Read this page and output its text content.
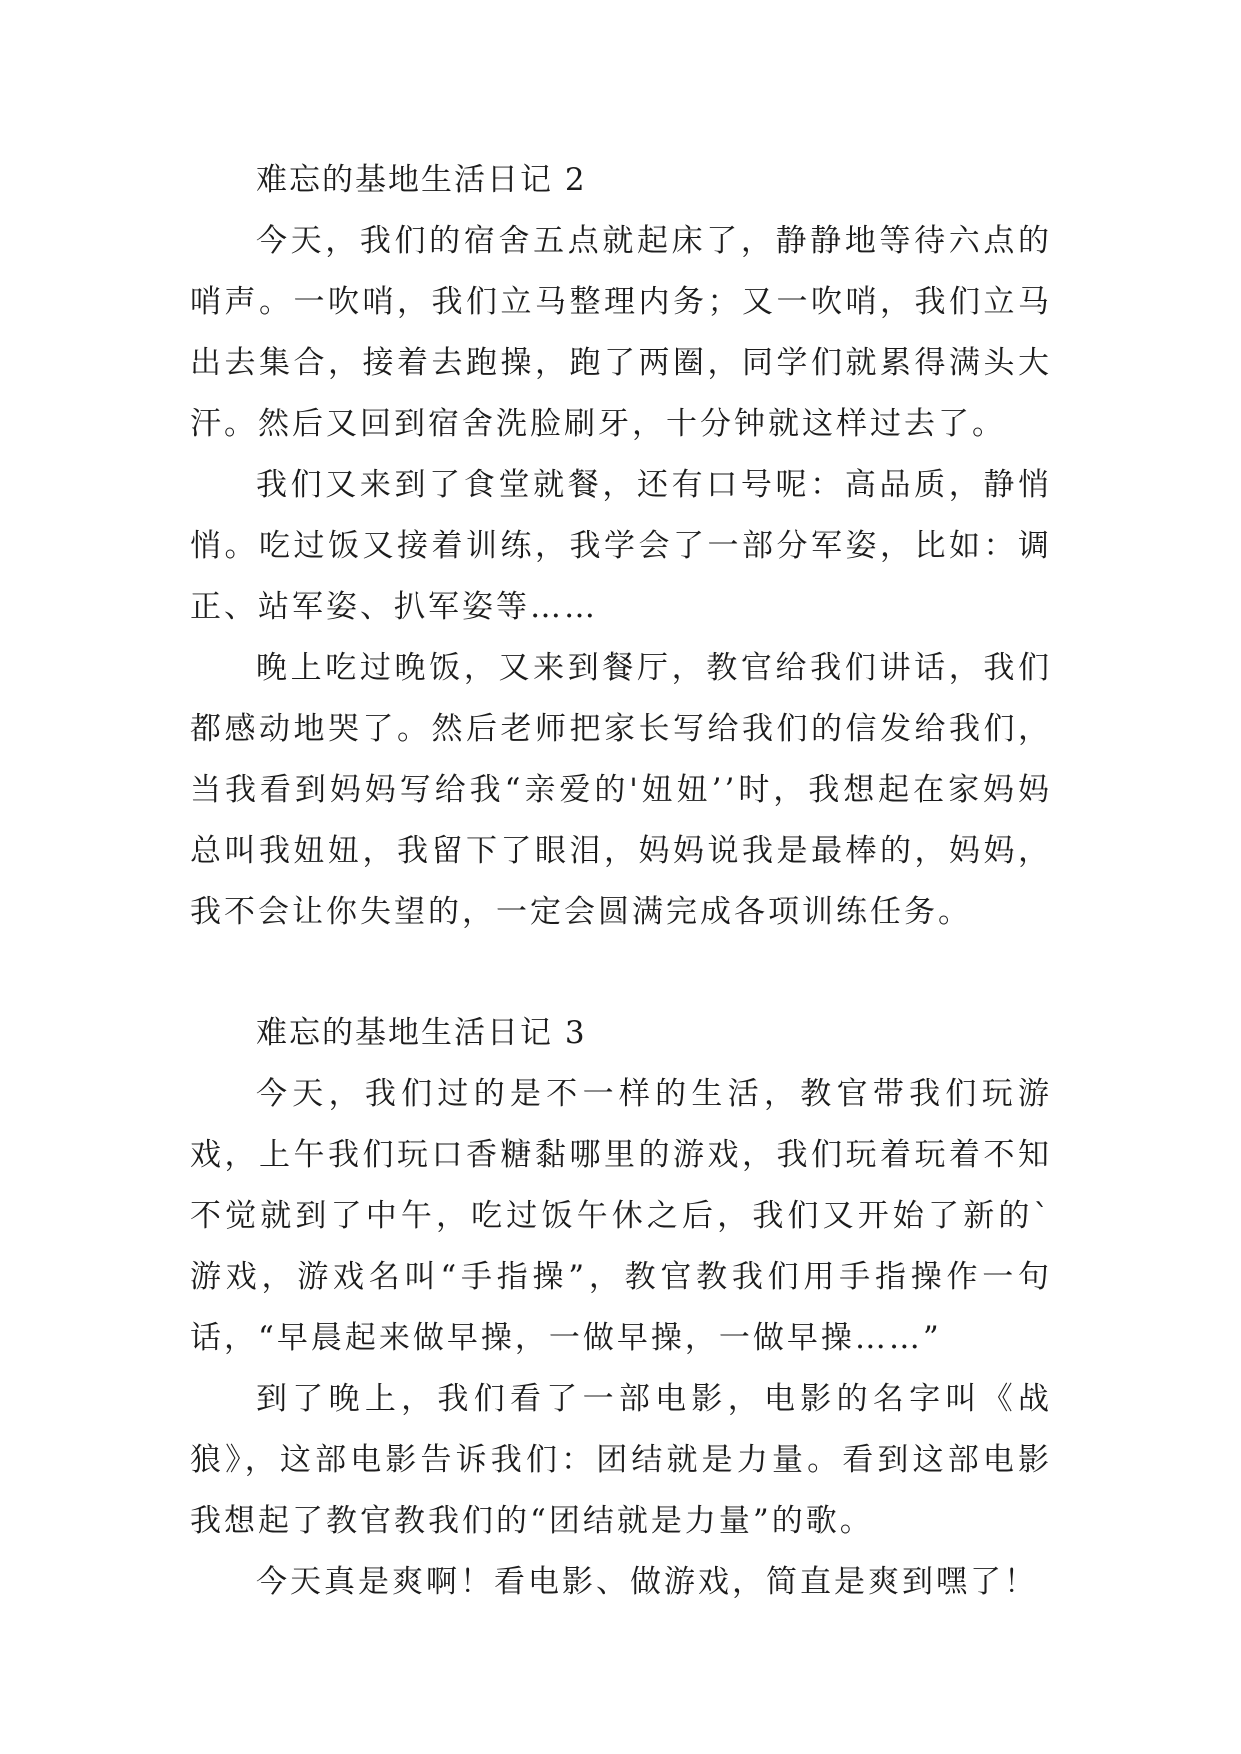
难忘的基地生活日记 2

今天，我们的宿舍五点就起床了，静静地等待六点的哨声。一吹哨，我们立马整理内务；又一吹哨，我们立马出去集合，接着去跑操，跑了两圈，同学们就累得满头大汗。然后又回到宿舍洗脸刷牙，十分钟就这样过去了。

我们又来到了食堂就餐，还有口号呢：高品质，静悄悄。吃过饭又接着训练，我学会了一部分军姿，比如：调正、站军姿、扒军姿等……

晚上吃过晚饭，又来到餐厅，教官给我们讲话，我们都感动地哭了。然后老师把家长写给我们的信发给我们，当我看到妈妈写给我“亲爱的'妞妞’’时，我想起在家妈妈总叫我妞妞，我留下了眼泪，妈妈说我是最棒的，妈妈，我不会让你失望的，一定会圆满完成各项训练任务。

难忘的基地生活日记 3

今天，我们过的是不一样的生活，教官带我们玩游戏，上午我们玩口香糖黏哪里的游戏，我们玩着玩着不知不觉就到了中午，吃过饭午休之后，我们又开始了新的`游戏，游戏名叫“手指操”，教官教我们用手指操作一句话，“早晨起来做早操，一做早操，一做早操……”

到了晚上，我们看了一部电影，电影的名字叫《战狼》，这部电影告诉我们：团结就是力量。看到这部电影我想起了教官教我们的“团结就是力量”的歌。

今天真是爽啊！看电影、做游戏，简直是爽到嘿了！
